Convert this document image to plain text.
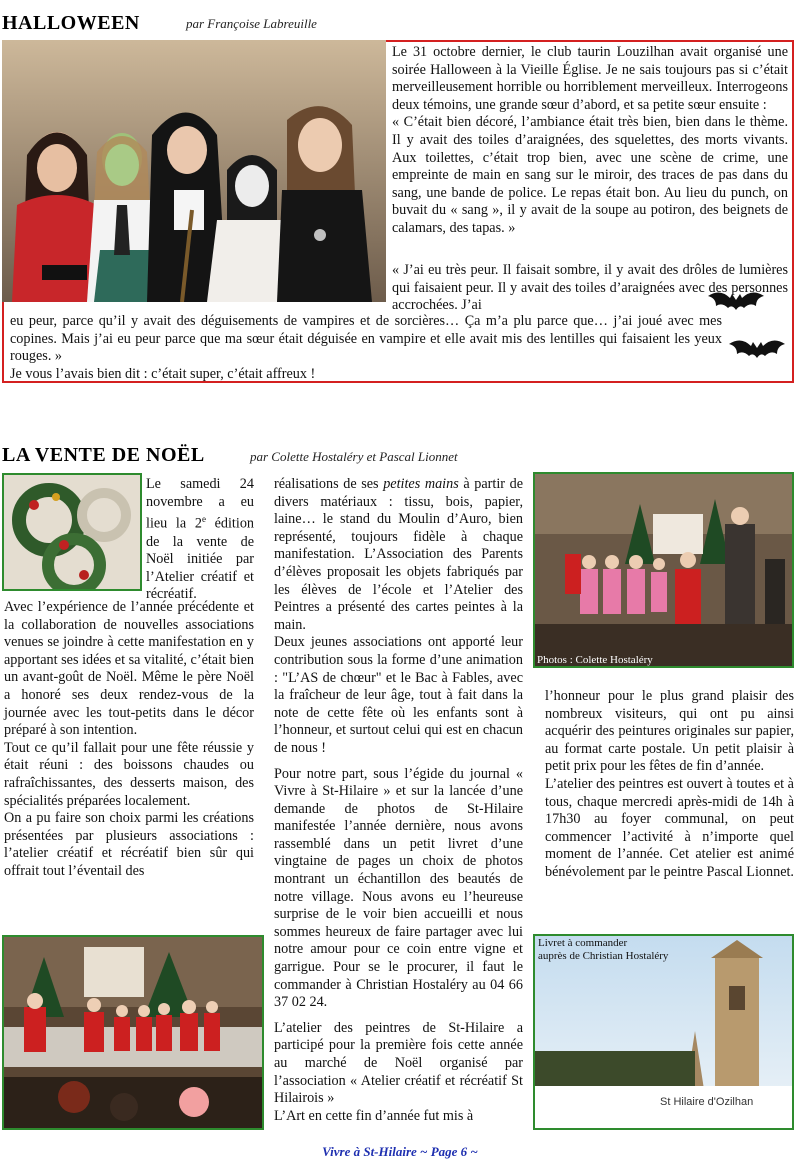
HALLOWEEN	par Françoise Labreuille

Le 31 octobre dernier, le club taurin Louzilhan avait organisé une soirée Halloween à la Vieille Église. Je ne sais toujours pas si c’était merveilleusement horrible ou horriblement merveilleux. Interrogeons deux témoins, une grande sœur d’abord, et sa petite sœur ensuite :

« C’était bien décoré, l’ambiance était très bien, bien dans le thème. Il y avait des toiles d’araignées, des squelettes, des morts vivants. Aux toilettes, c’était trop bien, avec une scène de crime, une empreinte de main en sang sur le miroir, des traces de pas dans du sang, une bande de police. Le repas était bon. Au lieu du punch, on buvait du « sang », il y avait de la soupe au potiron, des beignets de calamars, des tapas. »

« J’ai eu très peur. Il faisait sombre, il y avait des drôles de lumières qui faisaient peur. Il y avait des toiles d’araignées avec des personnes accrochées. J’ai

eu peur, parce qu’il y avait des déguisements de vampires et de sorcières… Ça m’a plu parce que… j’ai joué avec mes copines. Mais j’ai eu peur parce que ma sœur était déguisée en vampire et elle avait mis des lentilles qui faisaient les yeux rouges. »

Je vous l’avais bien dit : c’était super, c’était affreux !

LA VENTE DE NOËL	par Colette Hostaléry et Pascal Lionnet

Le samedi 24 novembre a eu lieu la 2e édition de la vente de Noël initiée par l’Atelier créatif et récréatif.

Avec l’expérience de l’année précédente et la collaboration de nouvelles associations venues se joindre à cette manifestation en y apportant ses idées et sa vitalité, c’était bien un avant-goût de Noël. Même le père Noël a honoré ses deux rendez-vous de la journée avec les tout-petits dans le décor préparé à son intention.

Tout ce qu’il fallait pour une fête réussie y était réuni : des boissons chaudes ou rafraîchissantes, des desserts maison, des spécialités préparées localement.

On a pu faire son choix parmi les créations présentées par plusieurs associations : l’atelier créatif et récréatif bien sûr qui offrait tout l’éventail des

réalisations de ses petites mains à partir de divers matériaux : tissu, bois, papier, laine… le stand du Moulin d’Auro, bien représenté, toujours fidèle à chaque manifestation. L’Association des Parents d’élèves proposait les objets fabriqués par les élèves de l’école et l’Atelier des Peintres a présenté des cartes peintes à la main.

Deux jeunes associations ont apporté leur contribution sous la forme d’une animation : "L’AS de chœur" et le Bac à Fables, avec la fraîcheur de leur âge, tout à fait dans la note de cette fête où les enfants sont à l’honneur, et surtout celui qui est en chacun de nous !

Pour notre part, sous l’égide du journal « Vivre à St-Hilaire » et sur la lancée d’une demande de photos de St-Hilaire manifestée l’année dernière, nous avons rassemblé dans un petit livret d’une vingtaine de pages un choix de photos montrant un échantillon des beautés de notre village. Nous avons eu l’heureuse surprise de le voir bien accueilli et nous sommes heureux de faire partager avec lui notre amour pour ce coin entre vigne et garrigue. Pour se le procurer, il faut le commander à Christian Hostaléry au 04 66 37 02 24.

L’atelier des peintres de St-Hilaire a participé pour la première fois cette année au marché de Noël organisé par l’association « Atelier créatif et récréatif St Hilairois »

L’Art en cette fin d’année fut mis à

Photos : Colette Hostaléry

l’honneur pour le plus grand plaisir des nombreux visiteurs, qui ont pu ainsi acquérir des peintures originales sur papier, au format carte postale. Un petit plaisir à petit prix pour les fêtes de fin d’année.

L’atelier des peintres est ouvert à toutes et à tous, chaque mercredi après-midi de 14h à 17h30 au foyer communal, on peut commencer l’activité à n’importe quel moment de l’année. Cet atelier est animé bénévolement par le peintre Pascal Lionnet.

Livret à commander
auprès de Christian Hostaléry
St Hilaire d'Ozilhan
Vivre à St-Hilaire ~ Page 6 ~
